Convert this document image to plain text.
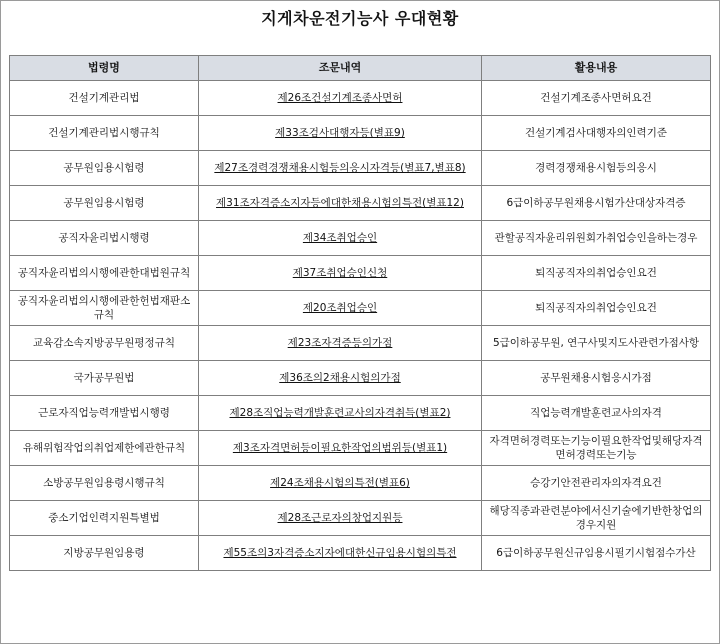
지게차운전기능사 우대현황
법령명	조문내역	활용내용
건설기계관리법	제26조건설기계조종사면허	건설기계조종사면허요건
건설기계관리법시행규칙	제33조검사대행자등(별표9)	건설기계검사대행자의인력기준
공무원임용시험령	제27조경력경쟁채용시험등의응시자격등(별표7,별표8)	경력경쟁채용시험등의응시
공무원임용시험령	제31조자격증소지자등에대한채용시험의특전(별표12)	6급이하공무원채용시험가산대상자격증
공직자윤리법시행령	제34조취업승인	관할공직자윤리위원회가취업승인을하는경우
공직자윤리법의시행에관한대법원규칙	제37조취업승인신청	퇴직공직자의취업승인요건
공직자윤리법의시행에관한헌법재판소규칙	제20조취업승인	퇴직공직자의취업승인요건
교육감소속지방공무원평정규칙	제23조자격증등의가점	5급이하공무원, 연구사및지도사관련가점사항
국가공무원법	제36조의2채용시험의가점	공무원채용시험응시가점
근로자직업능력개발법시행령	제28조직업능력개발훈련교사의자격취득(별표2)	직업능력개발훈련교사의자격
유해위험작업의취업제한에관한규칙	제3조자격면허등이필요한작업의범위등(별표1)	자격면허경력또는기능이필요한작업및해당자격면허경력또는기능
소방공무원임용령시행규칙	제24조채용시험의특전(별표6)	승강기안전관리자의자격요건
중소기업인력지원특별법	제28조근로자의창업지원등	해당직종과관련분야에서신기술에기반한창업의경우지원
지방공무원임용령	제55조의3자격증소지자에대한신규임용시험의특전	6급이하공무원신규임용시필기시험점수가산
